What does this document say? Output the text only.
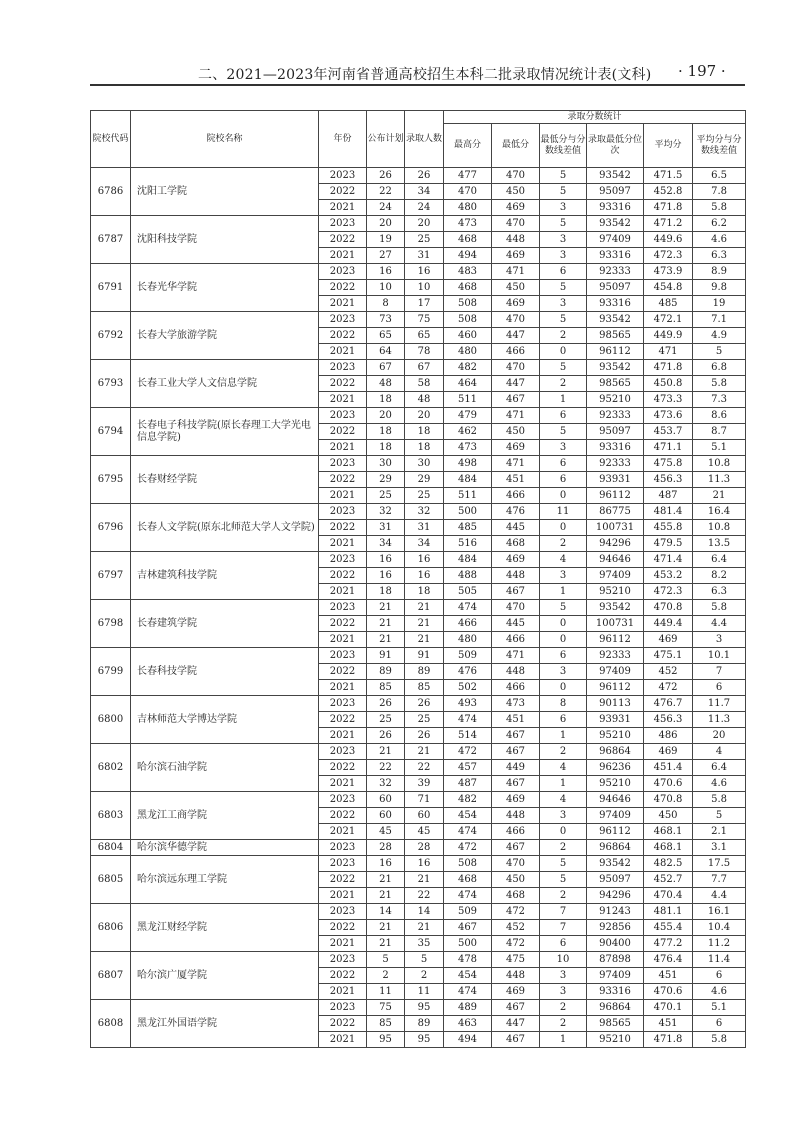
二、2021—2023年河南省普通高校招生本科二批录取情况统计表(文科) · 197 ·
院校代码	院校名称	年份	公布计划	录取人数	录取分数统计					
					最高分	最低分	最低分与分数线差值	录取最低分位次	平均分	平均分与分数线差值
6786	沈阳工学院	2023	26	26	477	470	5	93542	471.5	6.5
		2022	22	34	470	450	5	95097	452.8	7.8
		2021	24	24	480	469	3	93316	471.8	5.8
6787	沈阳科技学院	2023	20	20	473	470	5	93542	471.2	6.2
		2022	19	25	468	448	3	97409	449.6	4.6
		2021	27	31	494	469	3	93316	472.3	6.3
6791	长春光华学院	2023	16	16	483	471	6	92333	473.9	8.9
		2022	10	10	468	450	5	95097	454.8	9.8
		2021	8	17	508	469	3	93316	485	19
6792	长春大学旅游学院	2023	73	75	508	470	5	93542	472.1	7.1
		2022	65	65	460	447	2	98565	449.9	4.9
		2021	64	78	480	466	0	96112	471	5
6793	长春工业大学人文信息学院	2023	67	67	482	470	5	93542	471.8	6.8
		2022	48	58	464	447	2	98565	450.8	5.8
		2021	18	48	511	467	1	95210	473.3	7.3
6794	长春电子科技学院(原长春理工大学光电信息学院)	2023	20	20	479	471	6	92333	473.6	8.6
		2022	18	18	462	450	5	95097	453.7	8.7
		2021	18	18	473	469	3	93316	471.1	5.1
6795	长春财经学院	2023	30	30	498	471	6	92333	475.8	10.8
		2022	29	29	484	451	6	93931	456.3	11.3
		2021	25	25	511	466	0	96112	487	21
6796	长春人文学院(原东北师范大学人文学院)	2023	32	32	500	476	11	86775	481.4	16.4
		2022	31	31	485	445	0	100731	455.8	10.8
		2021	34	34	516	468	2	94296	479.5	13.5
6797	吉林建筑科技学院	2023	16	16	484	469	4	94646	471.4	6.4
		2022	16	16	488	448	3	97409	453.2	8.2
		2021	18	18	505	467	1	95210	472.3	6.3
6798	长春建筑学院	2023	21	21	474	470	5	93542	470.8	5.8
		2022	21	21	466	445	0	100731	449.4	4.4
		2021	21	21	480	466	0	96112	469	3
6799	长春科技学院	2023	91	91	509	471	6	92333	475.1	10.1
		2022	89	89	476	448	3	97409	452	7
		2021	85	85	502	466	0	96112	472	6
6800	吉林师范大学博达学院	2023	26	26	493	473	8	90113	476.7	11.7
		2022	25	25	474	451	6	93931	456.3	11.3
		2021	26	26	514	467	1	95210	486	20
6802	哈尔滨石油学院	2023	21	21	472	467	2	96864	469	4
		2022	22	22	457	449	4	96236	451.4	6.4
		2021	32	39	487	467	1	95210	470.6	4.6
6803	黑龙江工商学院	2023	60	71	482	469	4	94646	470.8	5.8
		2022	60	60	454	448	3	97409	450	5
		2021	45	45	474	466	0	96112	468.1	2.1
6804	哈尔滨华德学院	2023	28	28	472	467	2	96864	468.1	3.1
6805	哈尔滨远东理工学院	2023	16	16	508	470	5	93542	482.5	17.5
		2022	21	21	468	450	5	95097	452.7	7.7
		2021	21	22	474	468	2	94296	470.4	4.4
6806	黑龙江财经学院	2023	14	14	509	472	7	91243	481.1	16.1
		2022	21	21	467	452	7	92856	455.4	10.4
		2021	21	35	500	472	6	90400	477.2	11.2
6807	哈尔滨广厦学院	2023	5	5	478	475	10	87898	476.4	11.4
		2022	2	2	454	448	3	97409	451	6
		2021	11	11	474	469	3	93316	470.6	4.6
6808	黑龙江外国语学院	2023	75	95	489	467	2	96864	470.1	5.1
		2022	85	89	463	447	2	98565	451	6
		2021	95	95	494	467	1	95210	471.8	5.8
